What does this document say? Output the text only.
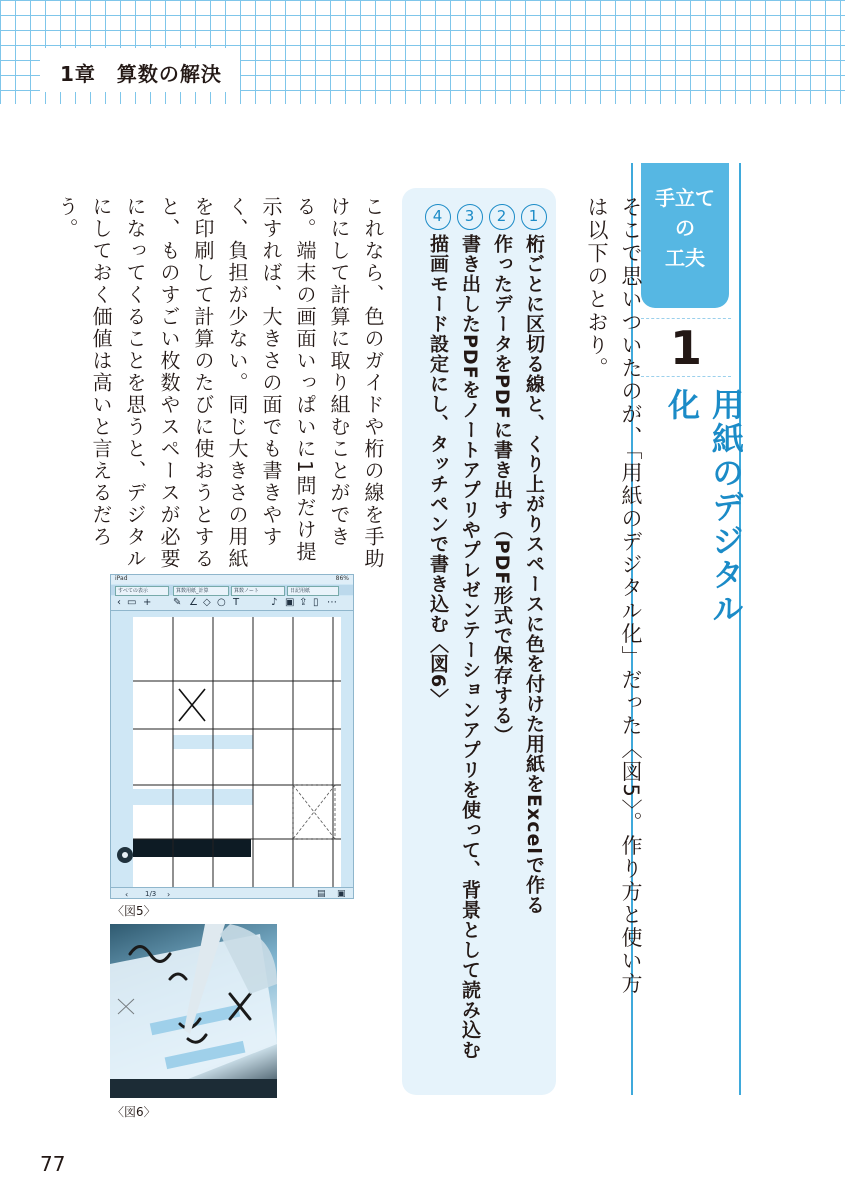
1章　算数の解決
手立て
の
工夫
1
用紙のデジタル化
そこで思いついたのが、「用紙のデジタル化」だった〈図5〉。作り方と使い方は以下のとおり。
1桁ごとに区切る線と、くり上がりスペースに色を付けた用紙をExcelで作る
2作ったデータをPDFに書き出す（PDF形式で保存する）
3書き出したPDFをノートアプリやプレゼンテーションアプリを使って、背景として読み込む
4描画モード設定にし、タッチペンで書き込む〈図6〉
これなら、色のガイドや桁の線を手助けにして計算に取り組むことができる。端末の画面いっぱいに1問だけ提示すれば、大きさの面でも書きやすく、負担が少ない。同じ大きさの用紙を印刷して計算のたびに使おうとすると、ものすごい枚数やスペースが必要になってくることを思うと、デジタルにしておく価値は高いと言えるだろう。
iPad	86%
すべての表示	算数用紙_計算	算数ノート	日記用紙
‹ ▭ + ✎ ∠ ◇ ○ T	♪ ▣ ⇪ ▯ ⋯
‹ 1/3 ›	▤ ▣
〈図5〉
〈図6〉
77
